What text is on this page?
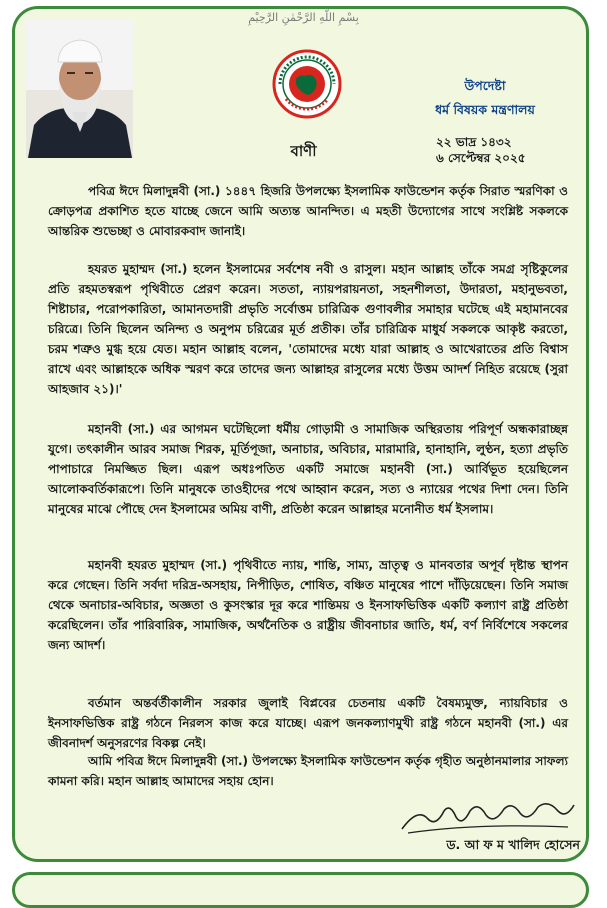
بِسْمِ اللَّهِ الرَّحْمٰنِ الرَّحِيْمِ
উপদেষ্টা
ধর্ম বিষয়ক মন্ত্রণালয়
বাণী	২২ ভাদ্র ১৪৩২
৬ সেপ্টেম্বর ২০২৫

পবিত্র ঈদে মিলাদুন্নবী (সা.) ১৪৪৭ হিজরি উপলক্ষ্যে ইসলামিক ফাউন্ডেশন কর্তৃক সিরাত স্মরণিকা ও ক্রোড়পত্র প্রকাশিত হতে যাচ্ছে জেনে আমি অত্যন্ত আনন্দিত। এ মহতী উদ্যোগের সাথে সংশ্লিষ্ট সকলকে আন্তরিক শুভেচ্ছা ও মোবারকবাদ জানাই।

হযরত মুহাম্মদ (সা.) হলেন ইসলামের সর্বশেষ নবী ও রাসুল। মহান আল্লাহ তাঁকে সমগ্র সৃষ্টিকুলের প্রতি রহমতস্বরূপ পৃথিবীতে প্রেরণ করেন। সততা, ন্যায়পরায়নতা, সহনশীলতা, উদারতা, মহানুভবতা, শিষ্টাচার, পরোপকারিতা, আমানতদারী প্রভৃতি সর্বোত্তম চারিত্রিক গুণাবলীর সমাহার ঘটেছে এই মহামানবের চরিত্রে। তিনি ছিলেন অনিন্দ্য ও অনুপম চরিত্রের মূর্ত প্রতীক। তাঁর চারিত্রিক মাধুর্য সকলকে আকৃষ্ট করতো, চরম শত্রুও মুগ্ধ হয়ে যেত। মহান আল্লাহ বলেন, 'তোমাদের মধ্যে যারা আল্লাহ ও আখেরাতের প্রতি বিশ্বাস রাখে এবং আল্লাহকে অধিক স্মরণ করে তাদের জন্য আল্লাহর রাসুলের মধ্যে উত্তম আদর্শ নিহিত রয়েছে (সুরা আহজাব ২১)।'

মহানবী (সা.) এর আগমন ঘটেছিলো ধর্মীয় গোড়ামী ও সামাজিক অস্থিরতায় পরিপূর্ণ অন্ধকারাচ্ছন্ন যুগে। তৎকালীন আরব সমাজ শিরক, মূর্তিপূজা, অনাচার, অবিচার, মারামারি, হানাহানি, লুণ্ঠন, হত্যা প্রভৃতি পাপাচারে নিমজ্জিত ছিল। এরূপ অধঃপতিত একটি সমাজে মহানবী (সা.) আর্বিভূত হয়েছিলেন আলোকবর্তিকারূপে। তিনি মানুষকে তাওহীদের পথে আহ্বান করেন, সত্য ও ন্যায়ের পথের দিশা দেন। তিনি মানুষের মাঝে পৌছে দেন ইসলামের অমিয় বাণী, প্রতিষ্ঠা করেন আল্লাহর মনোনীত ধর্ম ইসলাম।

মহানবী হযরত মুহাম্মদ (সা.) পৃথিবীতে ন্যায়, শান্তি, সাম্য, ভ্রাতৃত্ব ও মানবতার অপূর্ব দৃষ্টান্ত স্থাপন করে গেছেন। তিনি সর্বদা দরিদ্র-অসহায়, নিপীড়িত, শোষিত, বঞ্চিত মানুষের পাশে দাঁড়িয়েছেন। তিনি সমাজ থেকে অনাচার-অবিচার, অজ্ঞতা ও কুসংস্কার দূর করে শান্তিময় ও ইনসাফভিত্তিক একটি কল্যাণ রাষ্ট্র প্রতিষ্ঠা করেছিলেন। তাঁর পারিবারিক, সামাজিক, অর্থনৈতিক ও রাষ্ট্রীয় জীবনাচার জাতি, ধর্ম, বর্ণ নির্বিশেষে সকলের জন্য আদর্শ।

বর্তমান অন্তর্বর্তীকালীন সরকার জুলাই বিপ্লবের চেতনায় একটি বৈষম্যমুক্ত, ন্যায়বিচার ও ইনসাফভিত্তিক রাষ্ট্র গঠনে নিরলস কাজ করে যাচ্ছে। এরূপ জনকল্যাণমুখী রাষ্ট্র গঠনে মহানবী (সা.) এর জীবনাদর্শ অনুসরণের বিকল্প নেই।

আমি পবিত্র ঈদে মিলাদুন্নবী (সা.) উপলক্ষ্যে ইসলামিক ফাউন্ডেশন কর্তৃক গৃহীত অনুষ্ঠানমালার সাফল্য কামনা করি। মহান আল্লাহ আমাদের সহায় হোন।

ড. আ ফ ম খালিদ হোসেন
